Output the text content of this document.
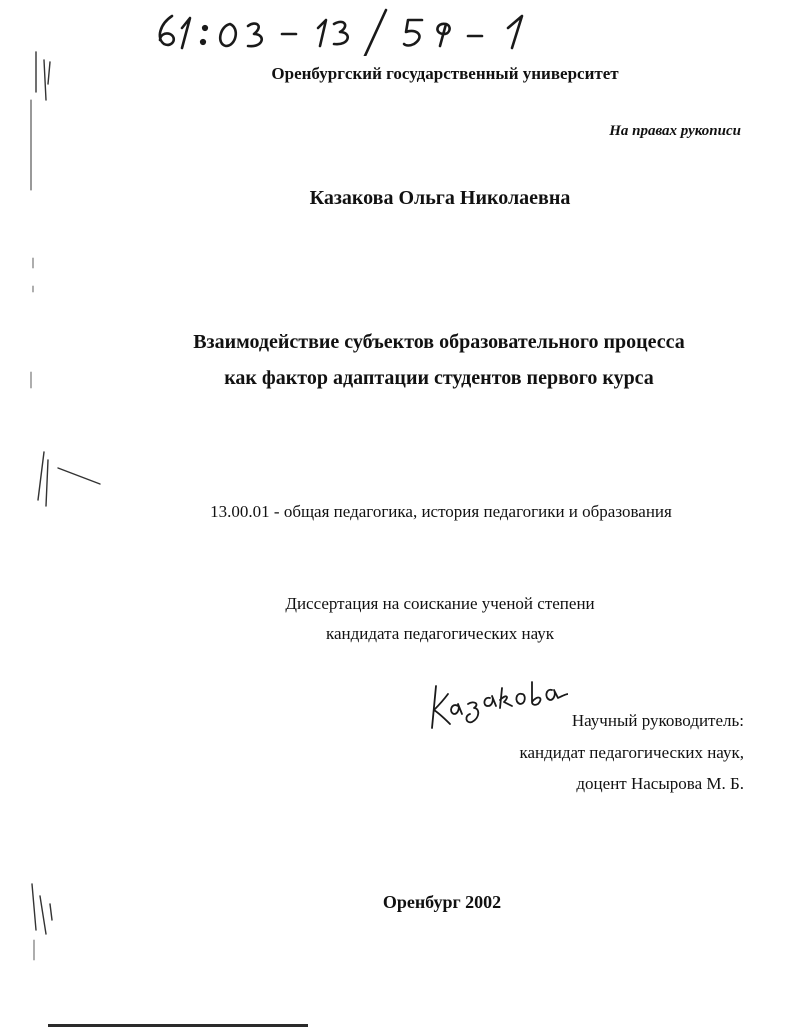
Оренбургский государственный университет
На правах рукописи
Казакова Ольга Николаевна
Взаимодействие субъектов образовательного процесса
как фактор адаптации студентов первого курса
13.00.01 - общая педагогика, история педагогики и образования
Диссертация на соискание ученой степени
кандидата педагогических наук
Научный руководитель:
кандидат педагогических наук,
доцент Насырова М. Б.
Оренбург 2002
